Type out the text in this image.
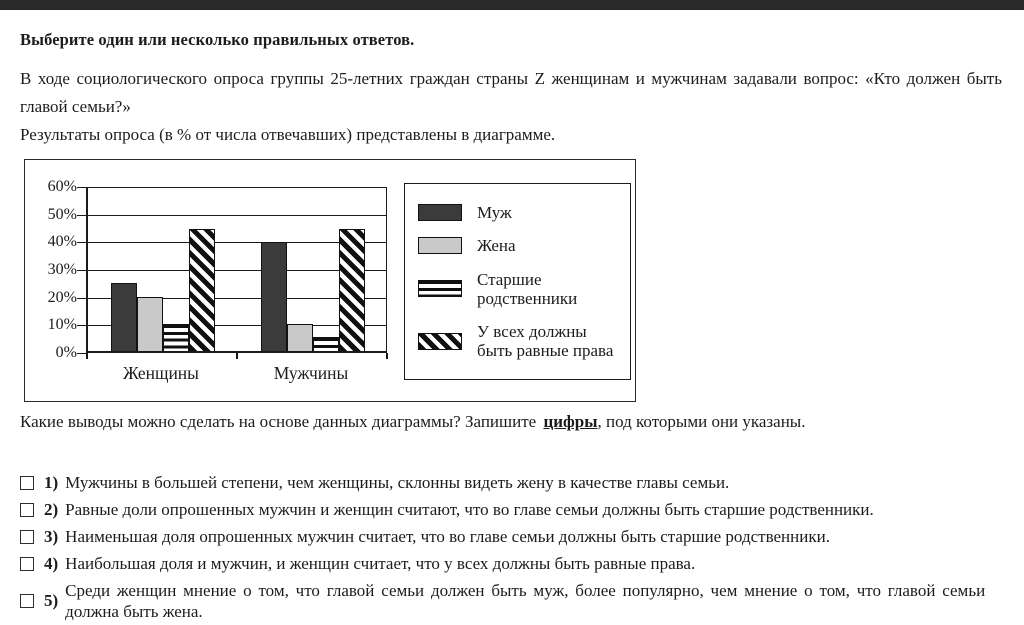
Выберите один или несколько правильных ответов.

В ходе социологического опроса группы 25-летних граждан страны Z женщинам и мужчинам задавали вопрос: «Кто должен быть главой семьи?»

Результаты опроса (в % от числа отвечавших) представлены в диаграмме.

60%
50%
40%
30%
20%
10%
0%
Женщины	Мужчины
Муж
Жена
Старшие родственники
У всех должны быть равные права

Какие выводы можно сделать на основе данных диаграммы? Запишите цифры, под которыми они указаны.

1) Мужчины в большей степени, чем женщины, склонны видеть жену в качестве главы семьи.
2) Равные доли опрошенных мужчин и женщин считают, что во главе семьи должны быть старшие родственники.
3) Наименьшая доля опрошенных мужчин считает, что во главе семьи должны быть старшие родственники.
4) Наибольшая доля и мужчин, и женщин считает, что у всех должны быть равные права.
5)
Среди женщин мнение о том, что главой семьи должен быть муж, более популярно, чем мнение о том, что главой семьи должна быть жена.
